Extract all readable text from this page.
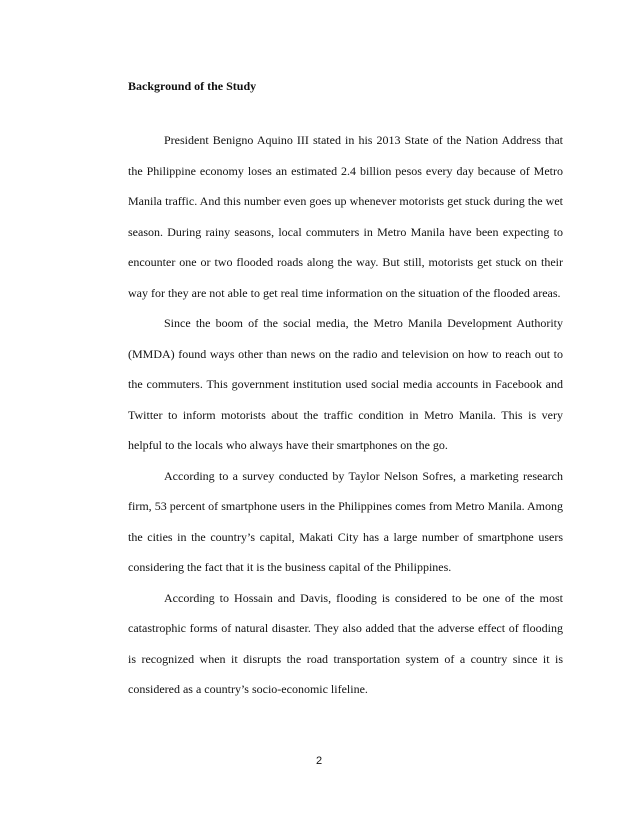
Background of the Study

President Benigno Aquino III stated in his 2013 State of the Nation Address that the Philippine economy loses an estimated 2.4 billion pesos every day because of Metro Manila traffic. And this number even goes up whenever motorists get stuck during the wet season. During rainy seasons, local commuters in Metro Manila have been expecting to encounter one or two flooded roads along the way. But still, motorists get stuck on their way for they are not able to get real time information on the situation of the flooded areas.

Since the boom of the social media, the Metro Manila Development Authority (MMDA) found ways other than news on the radio and television on how to reach out to the commuters. This government institution used social media accounts in Facebook and Twitter to inform motorists about the traffic condition in Metro Manila. This is very helpful to the locals who always have their smartphones on the go.

According to a survey conducted by Taylor Nelson Sofres, a marketing research firm, 53 percent of smartphone users in the Philippines comes from Metro Manila. Among the cities in the country’s capital, Makati City has a large number of smartphone users considering the fact that it is the business capital of the Philippines.

According to Hossain and Davis, flooding is considered to be one of the most catastrophic forms of natural disaster. They also added that the adverse effect of flooding is recognized when it disrupts the road transportation system of a country since it is considered as a country’s socio-economic lifeline.

2
